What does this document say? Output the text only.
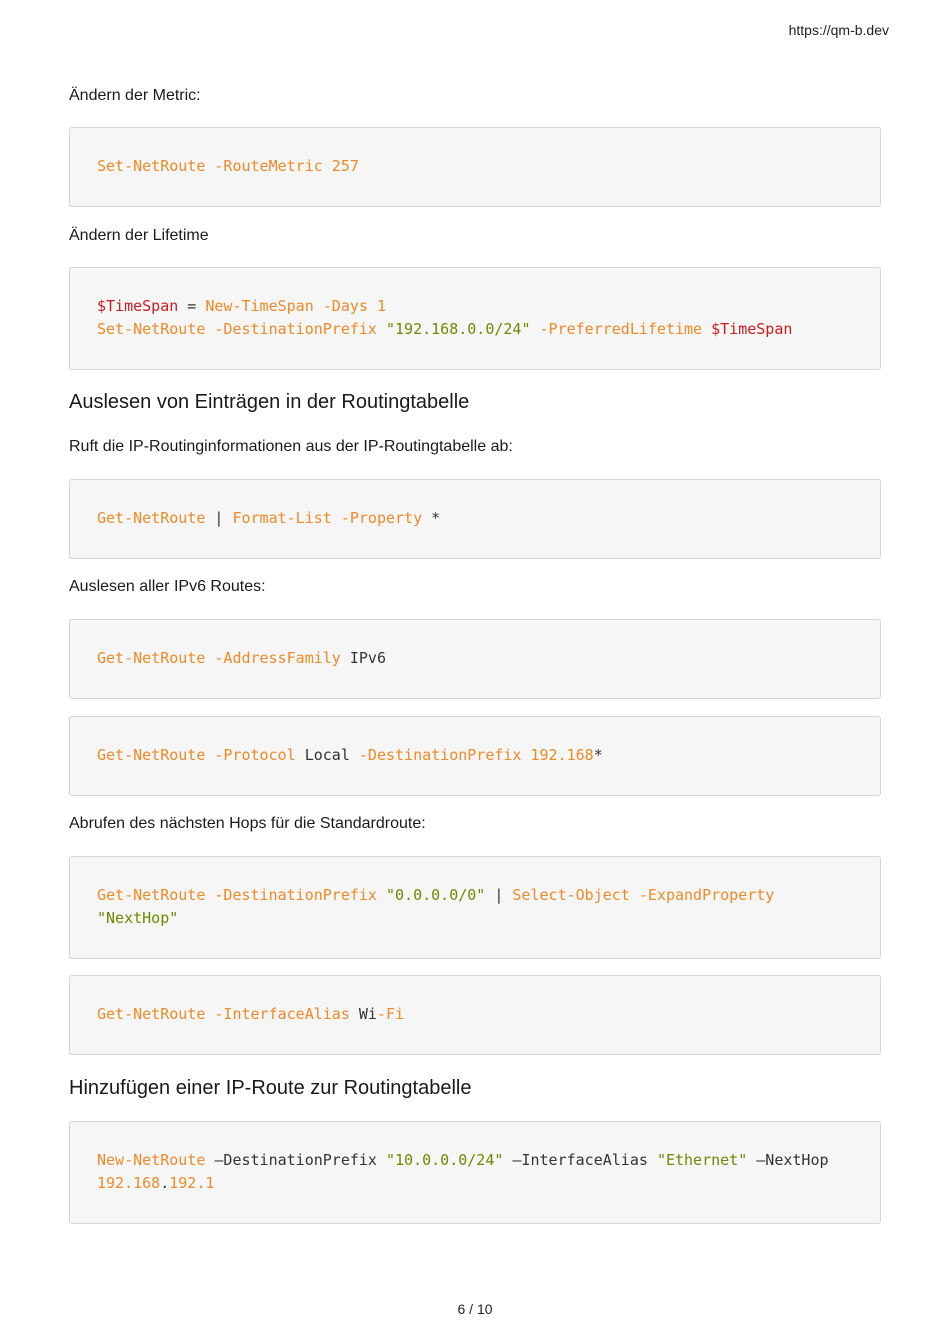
https://qm-b.dev
Ändern der Metric:
Set-NetRoute -RouteMetric 257
Ändern der Lifetime
$TimeSpan = New-TimeSpan -Days 1
Set-NetRoute -DestinationPrefix "192.168.0.0/24" -PreferredLifetime $TimeSpan
Auslesen von Einträgen in der Routingtabelle
Ruft die IP-Routinginformationen aus der IP-Routingtabelle ab:
Get-NetRoute | Format-List -Property *
Auslesen aller IPv6 Routes:
Get-NetRoute -AddressFamily IPv6
Get-NetRoute -Protocol Local -DestinationPrefix 192.168*
Abrufen des nächsten Hops für die Standardroute:
Get-NetRoute -DestinationPrefix "0.0.0.0/0" | Select-Object -ExpandProperty
"NextHop"
Get-NetRoute -InterfaceAlias Wi-Fi
Hinzufügen einer IP-Route zur Routingtabelle
New-NetRoute –DestinationPrefix "10.0.0.0/24" –InterfaceAlias "Ethernet" –NextHop
192.168.192.1
6 / 10
